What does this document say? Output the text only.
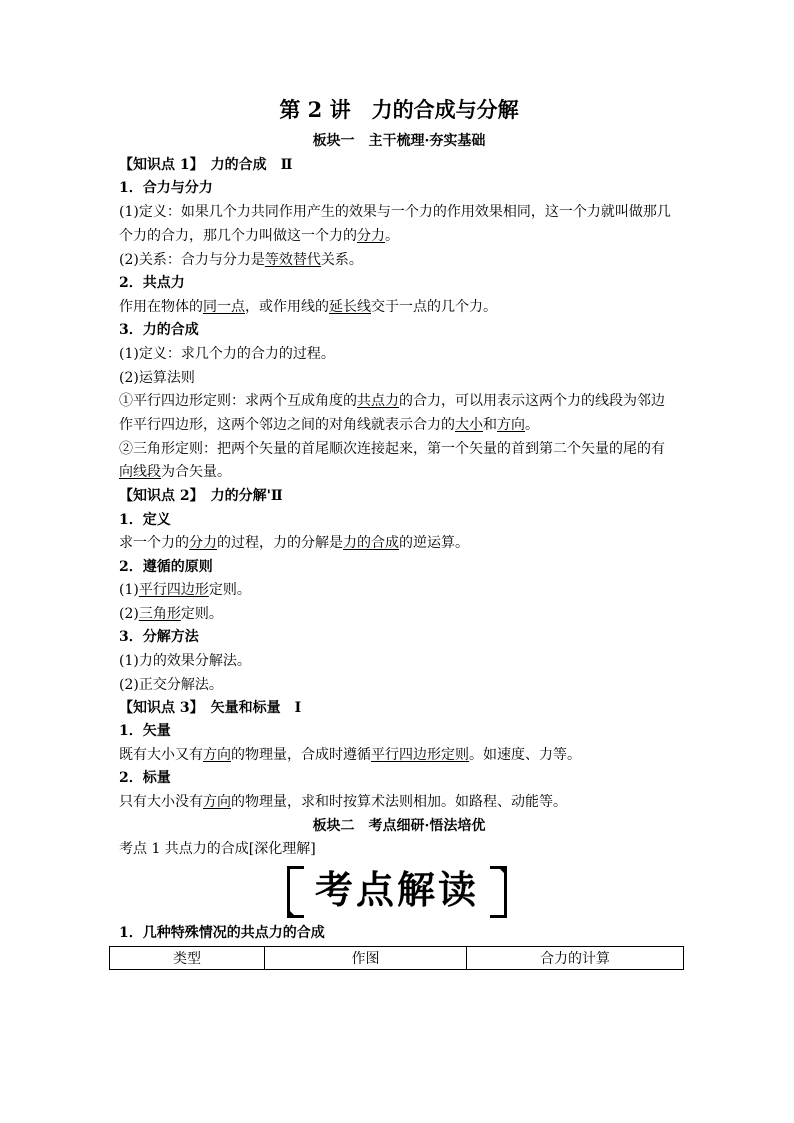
第 2 讲　力的合成与分解
板块一　主干梳理·夯实基础
【知识点 1】　力的合成　Ⅱ
1．合力与分力
(1)定义：如果几个力共同作用产生的效果与一个力的作用效果相同，这一个力就叫做那几
个力的合力，那几个力叫做这一个力的分力。
(2)关系：合力与分力是等效替代关系。
2．共点力
作用在物体的同一点，或作用线的延长线交于一点的几个力。
3．力的合成
(1)定义：求几个力的合力的过程。
(2)运算法则
①平行四边形定则：求两个互成角度的共点力的合力，可以用表示这两个力的线段为邻边
作平行四边形，这两个邻边之间的对角线就表示合力的大小和方向。
②三角形定则：把两个矢量的首尾顺次连接起来，第一个矢量的首到第二个矢量的尾的有
向线段为合矢量。
【知识点 2】　力的分解'Ⅱ
1．定义
求一个力的分力的过程，力的分解是力的合成的逆运算。
2．遵循的原则
(1)平行四边形定则。
(2)三角形定则。
3．分解方法
(1)力的效果分解法。
(2)正交分解法。
【知识点 3】　矢量和标量　Ⅰ
1．矢量
既有大小又有方向的物理量，合成时遵循平行四边形定则。如速度、力等。
2．标量
只有大小没有方向的物理量，求和时按算术法则相加。如路程、动能等。
板块二　考点细研·悟法培优
考点 1 共点力的合成[深化理解]
考点解读
1．几种特殊情况的共点力的合成
类型	作图	合力的计算
